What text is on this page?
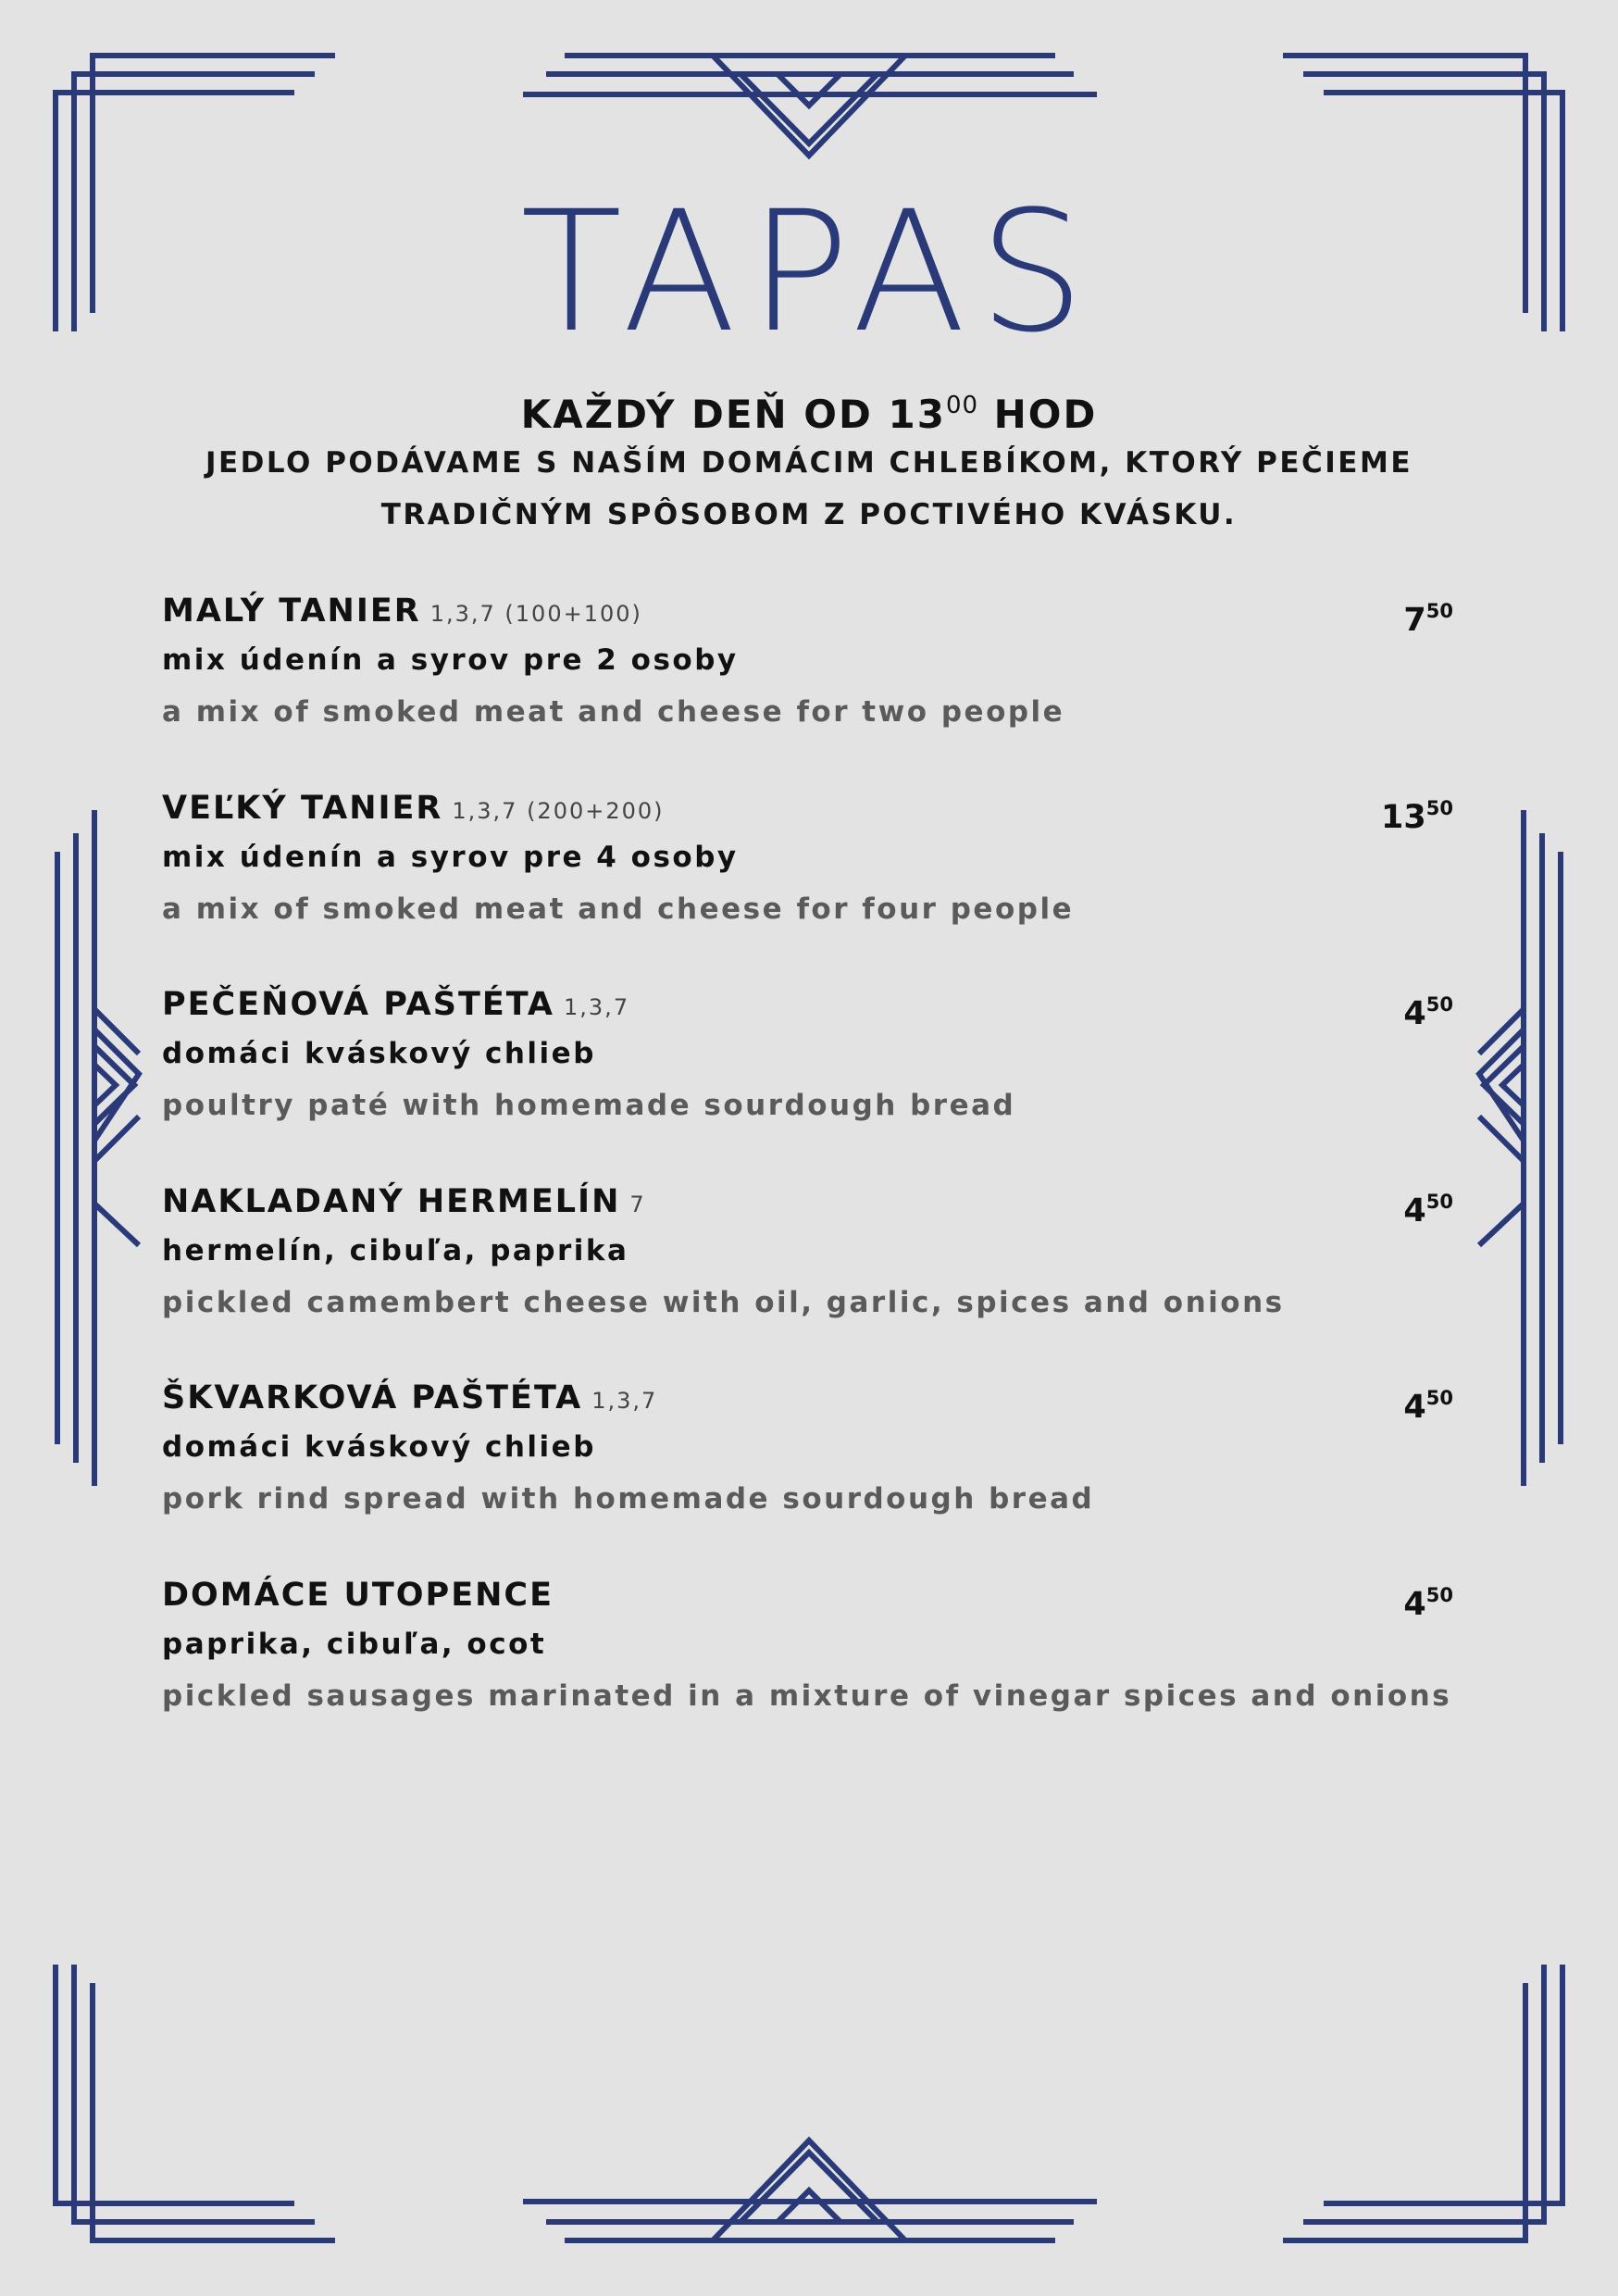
TAPAS
KAŽDÝ DEŇ OD $13^{00}$ HOD
JEDLO PODÁVAME S NAŠÍM DOMÁCIM CHLEBÍKOM, KTORÝ PEČIEME
TRADIČNÝM SPÔSOBOM Z POCTIVÉHO KVÁSKU.
MALÝ TANIER 1,3,7 (100+100)	$7^{50}$
mix údenín a syrov pre 2 osoby
a mix of smoked meat and cheese for two people
VEĽKÝ TANIER 1,3,7 (200+200)	$13^{50}$
mix údenín a syrov pre 4 osoby
a mix of smoked meat and cheese for four people
PEČEŇOVÁ PAŠTÉTA 1,3,7	$4^{50}$
domáci kváskový chlieb
poultry paté with homemade sourdough bread
NAKLADANÝ HERMELÍN 7	$4^{50}$
hermelín, cibuľa, paprika
pickled camembert cheese with oil, garlic, spices and onions
ŠKVARKOVÁ PAŠTÉTA 1,3,7	$4^{50}$
domáci kváskový chlieb
pork rind spread with homemade sourdough bread
DOMÁCE UTOPENCE	$4^{50}$
paprika, cibuľa, ocot
pickled sausages marinated in a mixture of vinegar spices and onions
